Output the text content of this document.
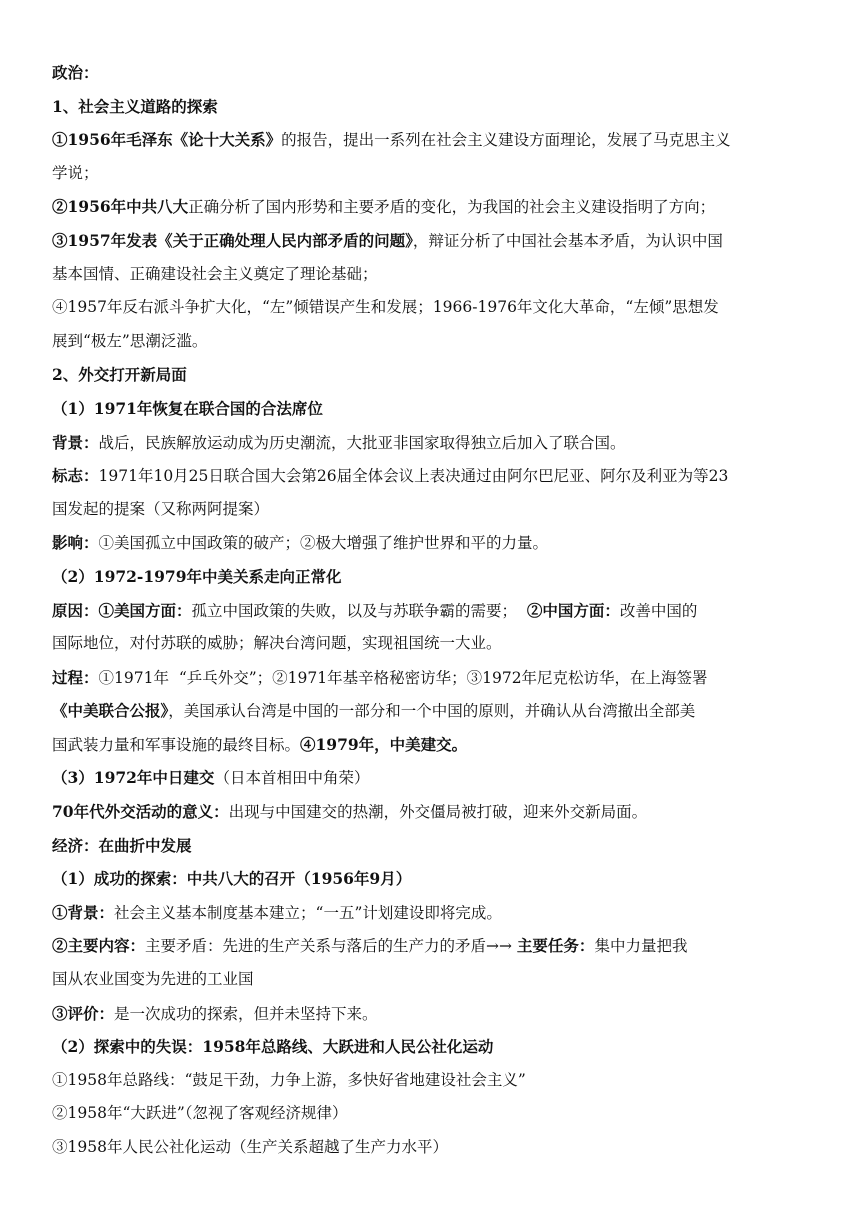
政治：
1、社会主义道路的探索
①1956年毛泽东《论十大关系》的报告，提出一系列在社会主义建设方面理论，发展了马克思主义
学说；
②1956年中共八大正确分析了国内形势和主要矛盾的变化，为我国的社会主义建设指明了方向；
③1957年发表《关于正确处理人民内部矛盾的问题》，辩证分析了中国社会基本矛盾，为认识中国
基本国情、正确建设社会主义奠定了理论基础；
④1957年反右派斗争扩大化，“左”倾错误产生和发展；1966-1976年文化大革命，“左倾”思想发
展到“极左”思潮泛滥。
2、外交打开新局面
（1）1971年恢复在联合国的合法席位
背景：战后，民族解放运动成为历史潮流，大批亚非国家取得独立后加入了联合国。
标志：1971年10月25日联合国大会第26届全体会议上表决通过由阿尔巴尼亚、阿尔及利亚为等23
国发起的提案（又称两阿提案）
影响：①美国孤立中国政策的破产；②极大增强了维护世界和平的力量。
（2）1972-1979年中美关系走向正常化
原因：①美国方面：孤立中国政策的失败，以及与苏联争霸的需要；  ②中国方面：改善中国的
国际地位，对付苏联的威胁；解决台湾问题，实现祖国统一大业。
过程：①1971年  “乒乓外交”；②1971年基辛格秘密访华；③1972年尼克松访华，在上海签署
《中美联合公报》，美国承认台湾是中国的一部分和一个中国的原则，并确认从台湾撤出全部美
国武装力量和军事设施的最终目标。④1979年，中美建交。
（3）1972年中日建交（日本首相田中角荣）
70年代外交活动的意义：出现与中国建交的热潮，外交僵局被打破，迎来外交新局面。
经济：在曲折中发展
（1）成功的探索：中共八大的召开（1956年9月）
①背景：社会主义基本制度基本建立；“一五”计划建设即将完成。
②主要内容：主要矛盾：先进的生产关系与落后的生产力的矛盾→→ 主要任务：集中力量把我
国从农业国变为先进的工业国
③评价：是一次成功的探索，但并未坚持下来。
（2）探索中的失误：1958年总路线、大跃进和人民公社化运动
①1958年总路线：“鼓足干劲，力争上游，多快好省地建设社会主义”
②1958年“大跃进”（忽视了客观经济规律）
③1958年人民公社化运动（生产关系超越了生产力水平）
